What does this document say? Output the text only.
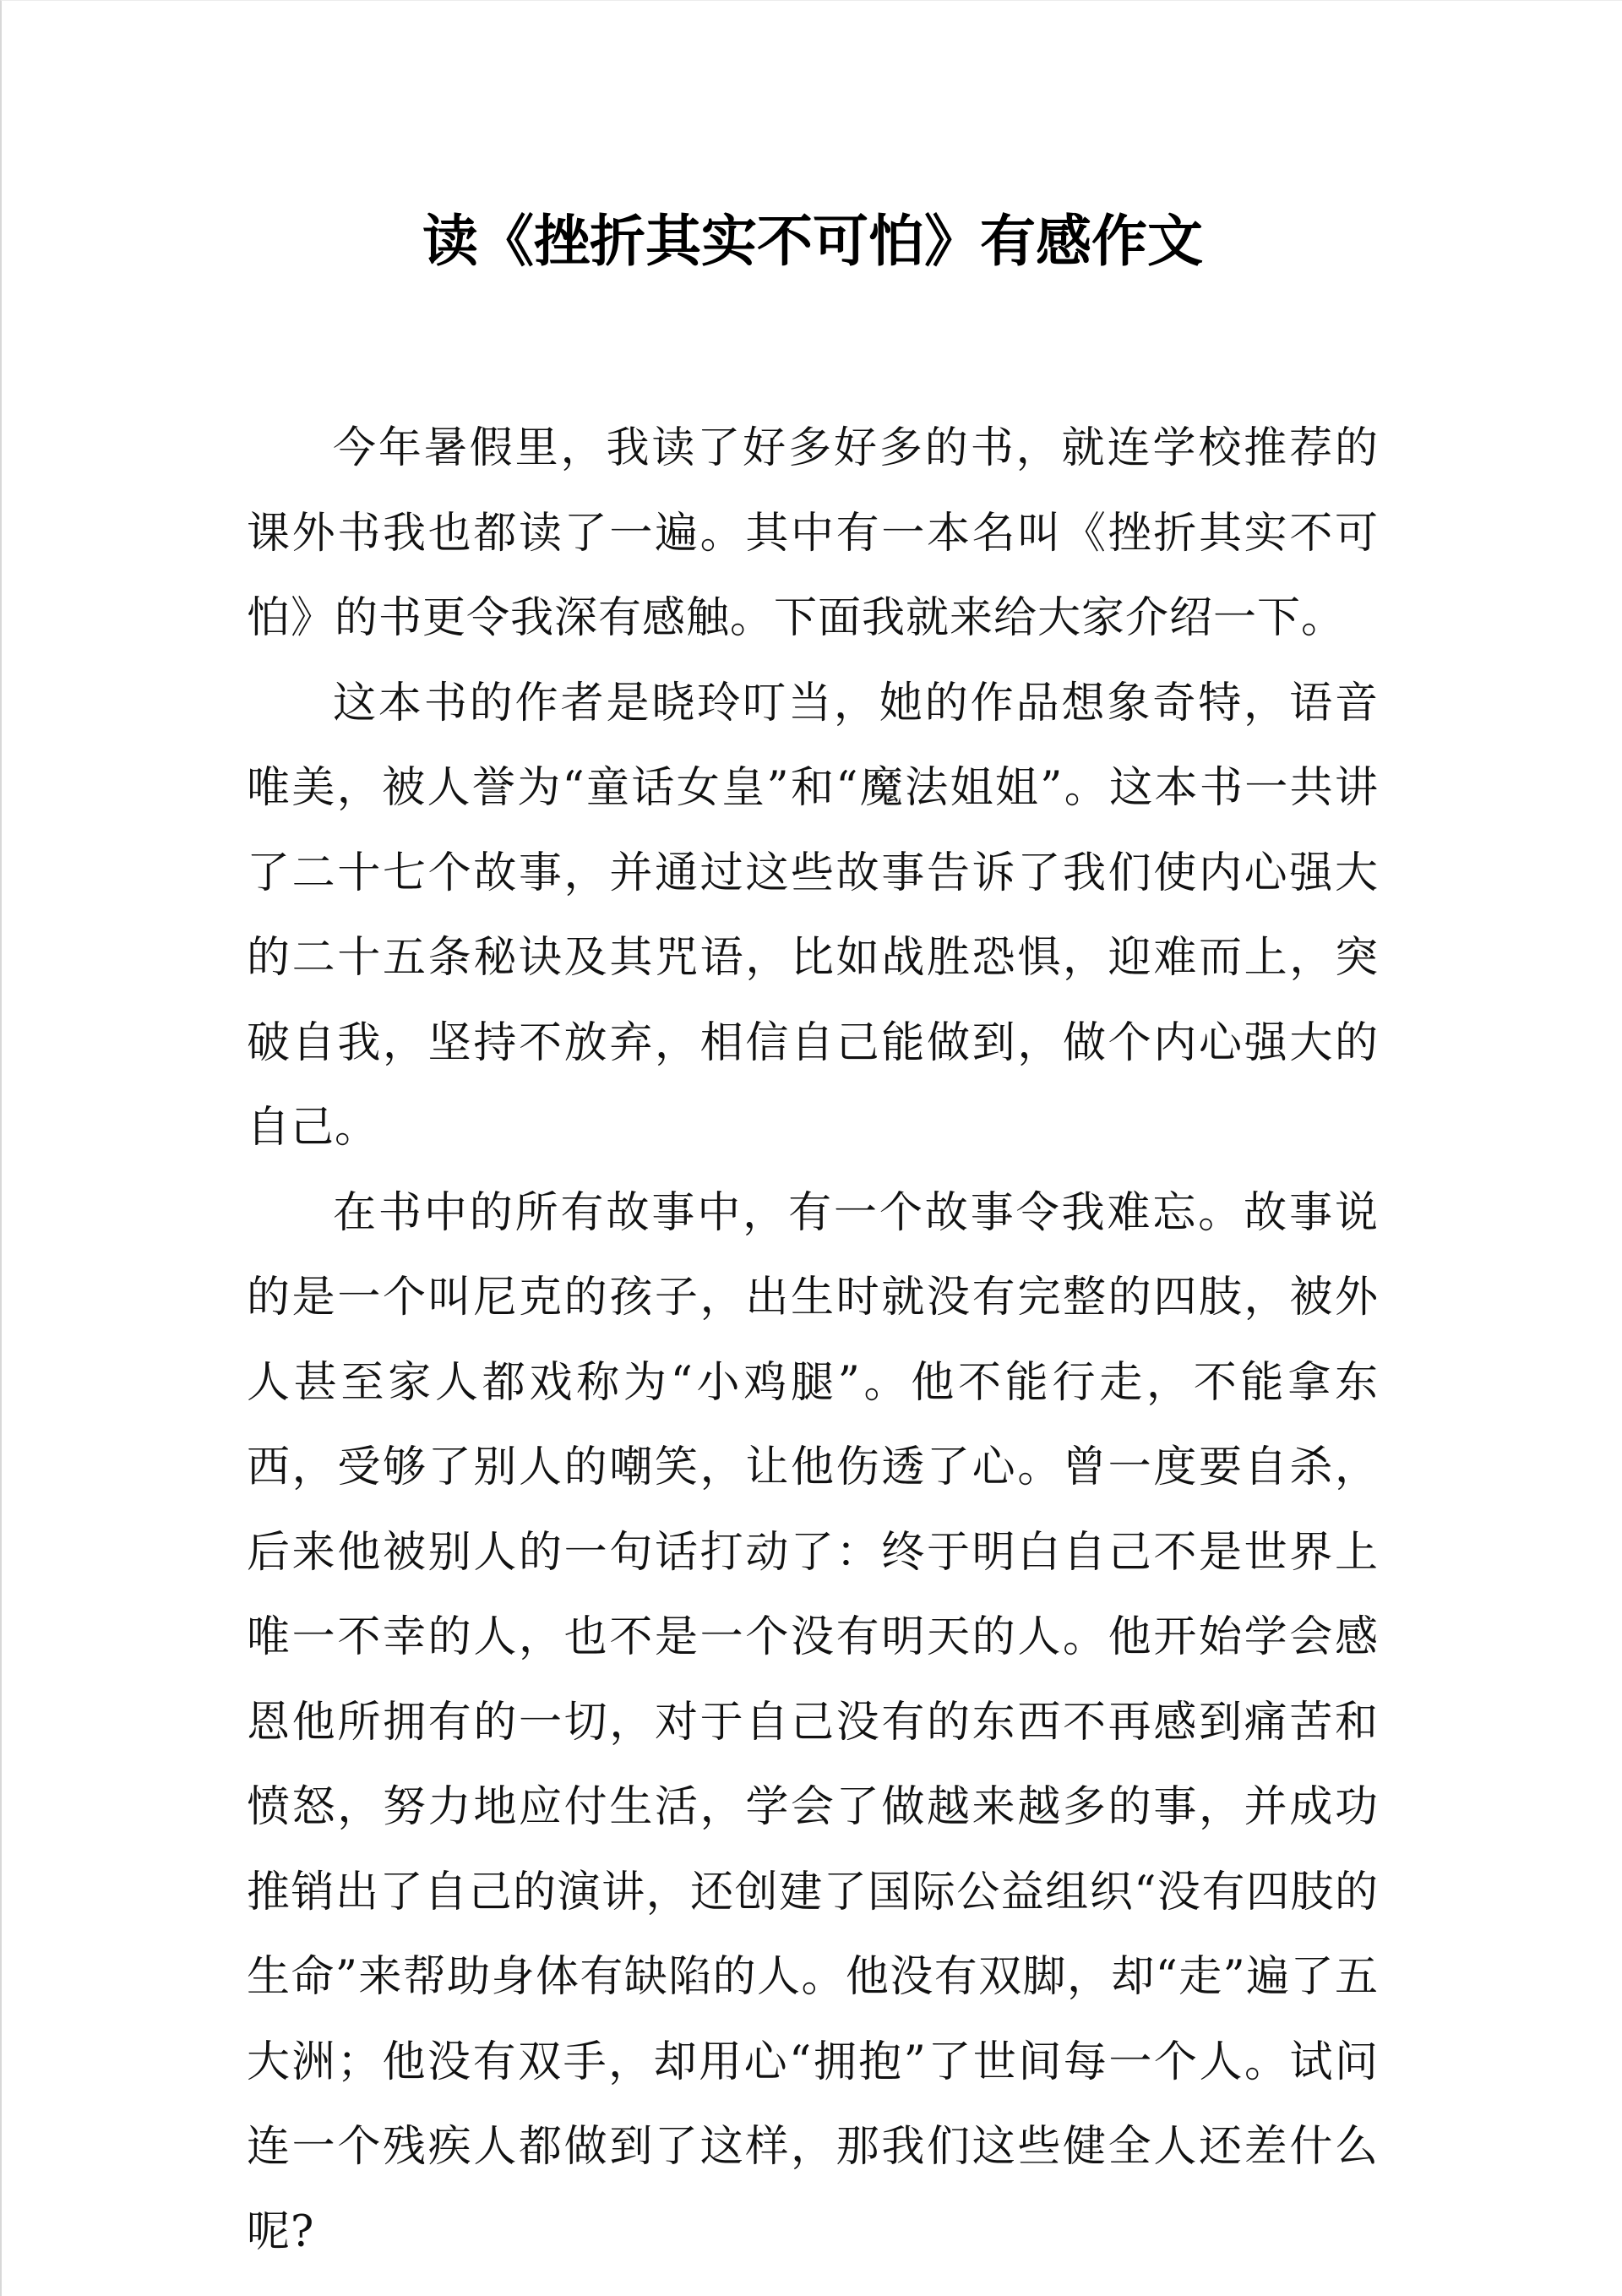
读《挫折其实不可怕》有感作文

今年暑假里，我读了好多好多的书，就连学校推荐的课外书我也都读了一遍。其中有一本名叫《挫折其实不可怕》的书更令我深有感触。下面我就来给大家介绍一下。

这本书的作者是晓玲叮当，她的作品想象奇特，语音唯美，被人誉为“童话女皇”和“魔法姐姐”。这本书一共讲了二十七个故事，并通过这些故事告诉了我们使内心强大的二十五条秘诀及其咒语，比如战胜恐惧，迎难而上，突破自我，坚持不放弃，相信自己能做到，做个内心强大的自己。

在书中的所有故事中，有一个故事令我难忘。故事说的是一个叫尼克的孩子，出生时就没有完整的四肢，被外人甚至家人都戏称为“小鸡腿”。他不能行走，不能拿东西，受够了别人的嘲笑，让他伤透了心。曾一度要自杀，后来他被别人的一句话打动了：终于明白自己不是世界上唯一不幸的人，也不是一个没有明天的人。他开始学会感恩他所拥有的一切，对于自己没有的东西不再感到痛苦和愤怒，努力地应付生活，学会了做越来越多的事，并成功推销出了自己的演讲，还创建了国际公益组织“没有四肢的生命”来帮助身体有缺陷的人。他没有双脚，却“走”遍了五大洲；他没有双手，却用心“拥抱”了世间每一个人。试问连一个残疾人都做到了这样，那我们这些健全人还差什么呢?
